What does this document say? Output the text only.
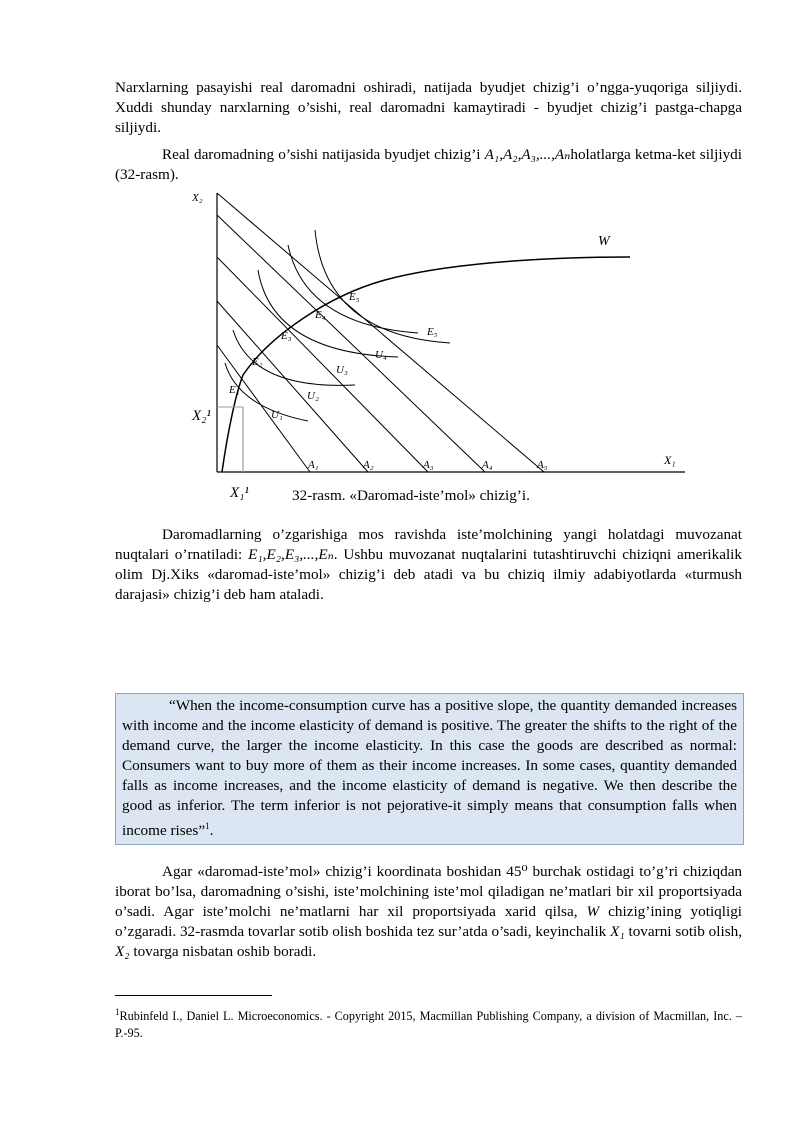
Narxlarning pasayishi real daromadni oshiradi, natijada byudjet chizig’i o’ngga-yuqoriga siljiydi. Xuddi shunday narxlarning o’sishi, real daromadni kamaytiradi - byudjet chizig’i pastga-chapga siljiydi.

Real daromadning o’sishi natijasida byudjet chizig’i A₁,A₂,A₃,...,Aₙholatlarga ketma-ket siljiydi (32-rasm).

X₂
X₁
W
X₂¹
X₁¹
A₁	A₂	A₃	A₄	A₅
E₁
E₂
E₃
E₄
E₅
U₁
U₂
U₃
U₄
E₅
32-rasm. «Daromad-iste’mol» chizig’i.

Daromadlarning o’zgarishiga mos ravishda iste’molchining yangi holatdagi muvozanat nuqtalari o’rnatiladi: E₁,E₂,E₃,...,Eₙ. Ushbu muvozanat nuqtalarini tutashtiruvchi chiziqni amerikalik olim Dj.Xiks «daromad-iste’mol» chizig’i deb atadi va bu chiziq ilmiy adabiyotlarda «turmush darajasi» chizig’i deb ham ataladi.

“When the income-consumption curve has a positive slope, the quantity demanded increases with income and the income elasticity of demand is positive. The greater the shifts to the right of the demand curve, the larger the income elasticity. In this case the goods are described as normal: Consumers want to buy more of them as their income increases. In some cases, quantity demanded falls as income increases, and the income elasticity of demand is negative. We then describe the good as inferior. The term inferior is not pejorative-it simply means that consumption falls when income rises”$^1$.

Agar «daromad-iste’mol» chizig’i koordinata boshidan 45⁰ burchak ostidagi to’g’ri chiziqdan iborat bo’lsa, daromadning o’sishi, iste’molchining iste’mol qiladigan ne’matlari bir xil proportsiyada o’sadi. Agar iste’molchi ne’matlarni har xil proportsiyada xarid qilsa, W chizig’ining yotiqligi o’zgaradi. 32-rasmda tovarlar sotib olish boshida tez sur’atda o’sadi, keyinchalik X₁ tovarni sotib olish, X₂ tovarga nisbatan oshib boradi.

$^1$Rubinfeld I., Daniel L. Microeconomics. - Copyright 2015, Macmillan Publishing Company, a division of Macmillan, Inc. –P.-95.
